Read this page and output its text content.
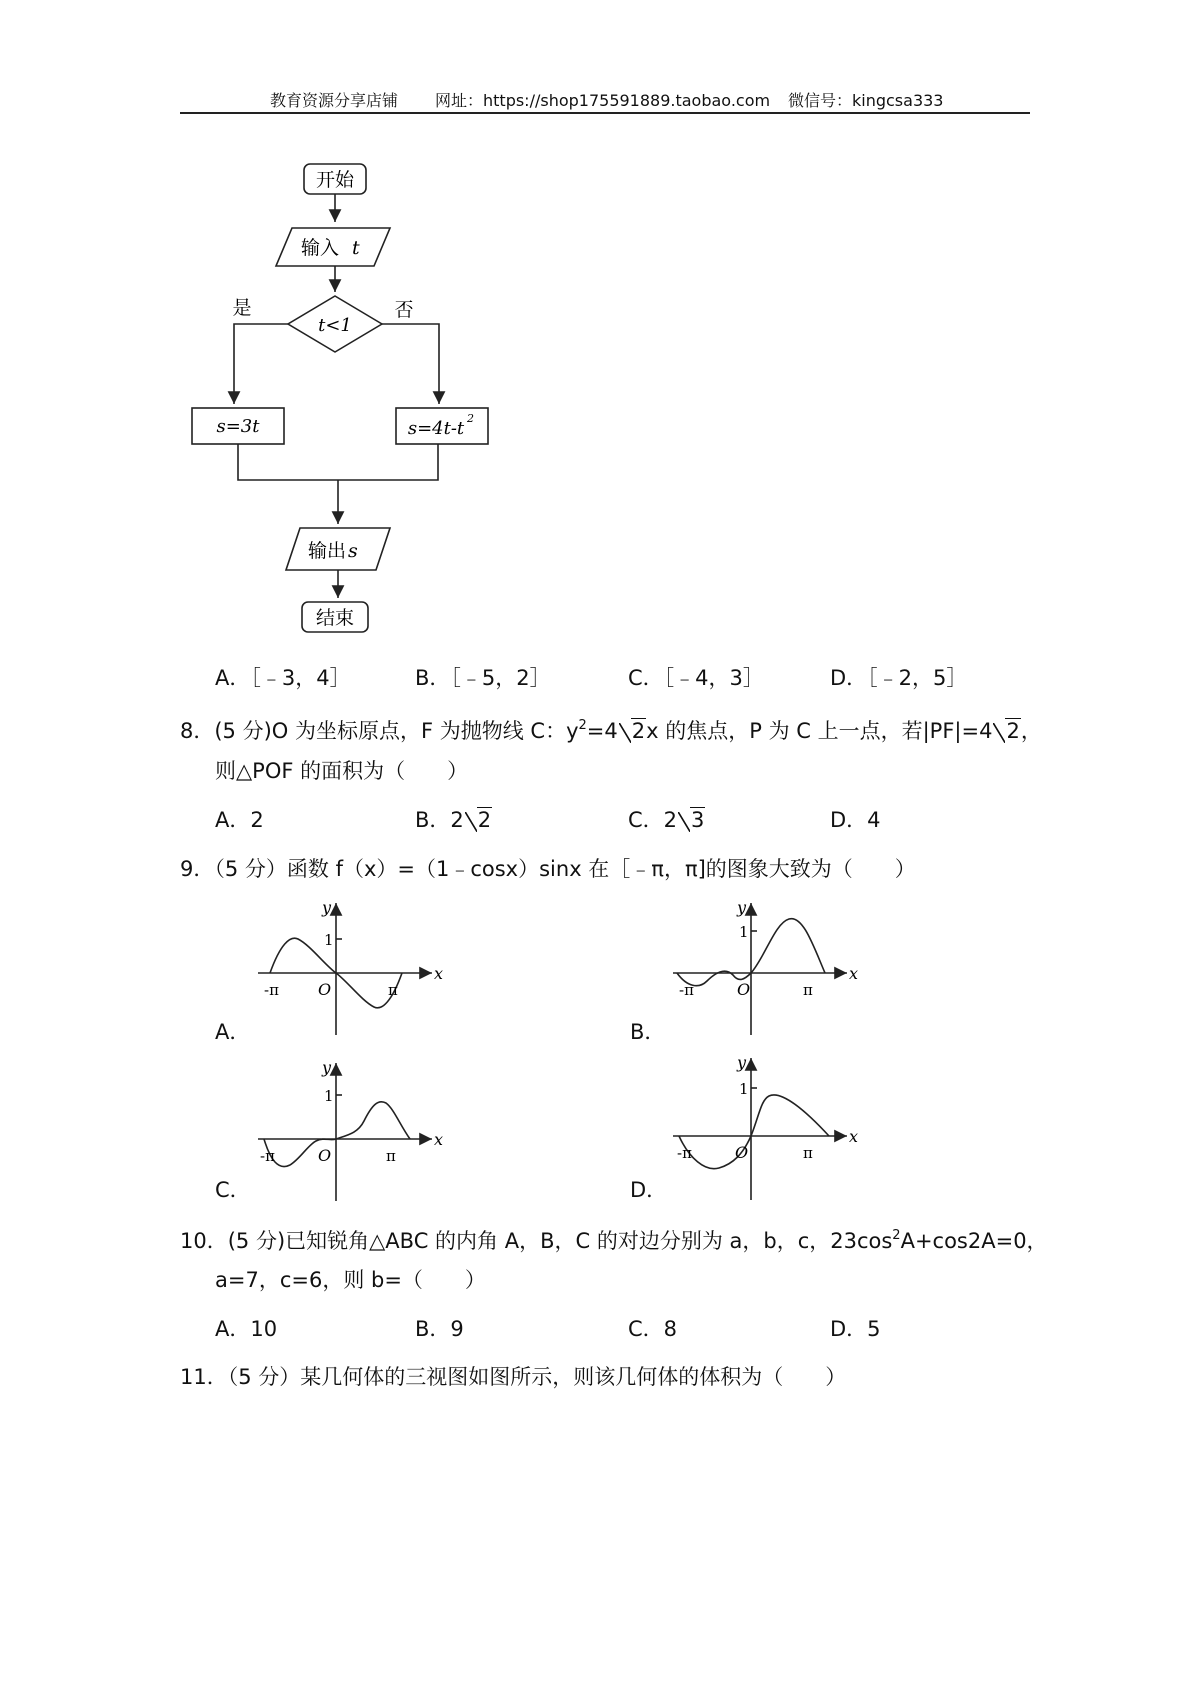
教育资源分享店铺 网址：https://shop175591889.taobao.com 微信号：kingcsa333
开始
输入 t
t<1
是	否
s=3t	s=4t-t 2
输出 s
结束
A．［﹣3，4］	B．［﹣5，2］	C．［﹣4，3］	D．［﹣2，5］
8．(5 分)O 为坐标原点，F 为抛物线 C：$y^2=4$ 2x 的焦点，P 为 C 上一点，若|PF|=4 2，
则△POF 的面积为（　　）
A．2	B．2 2	C．2 3	D．4
9．（5 分）函数 f（x）=（1﹣cosx）sinx 在［﹣π，π]的图象大致为（　　）
y
x
1
O
-π	π
A．
y
x
1
O
-π	π
B．
y
x
1
O
-π	π
C．
y
x
1
O
-π	π
D．
10．(5 分)已知锐角△ABC 的内角 A，B，C 的对边分别为 a，b，c，$23\cos^2A+\cos 2A=0$，
a=7，c=6，则 b=（　　）
A．10	B．9	C．8	D．5
11．（5 分）某几何体的三视图如图所示，则该几何体的体积为（　　）
